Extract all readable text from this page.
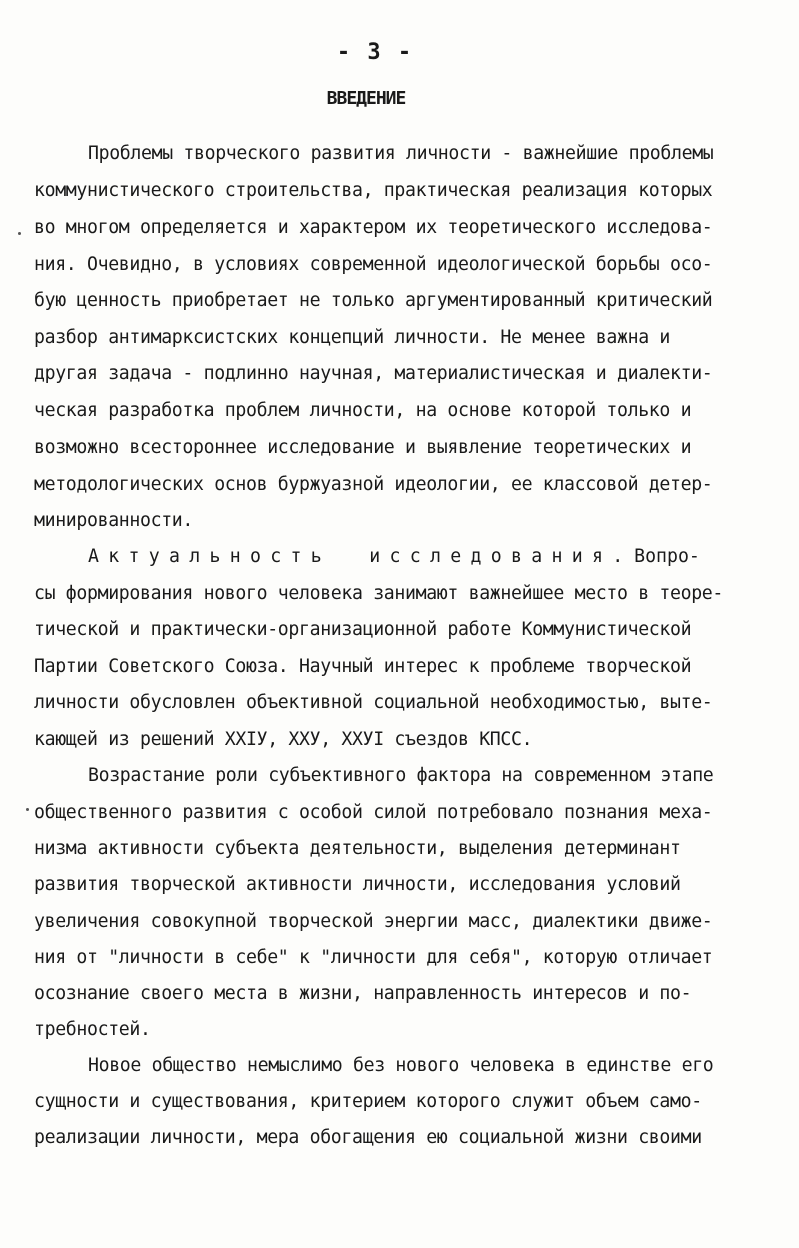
- 3 -
ВВЕДЕНИЕ
Проблемы творческого развития личности - важнейшие проблемы
коммунистического строительства, практическая реализация которых
во многом определяется и характером их теоретического исследова-
ния. Очевидно, в условиях современной идеологической борьбы осо-
бую ценность приобретает не только аргументированный критический
разбор антимарксистских концепций личности. Не менее важна и
другая задача - подлинно научная, материалистическая и диалекти-
ческая разработка проблем личности, на основе которой только и
возможно всестороннее исследование и выявление теоретических и
методологических основ буржуазной идеологии, ее классовой детер-
минированности.
Актуальность исследования. Вопро-
сы формирования нового человека занимают важнейшее место в теоре-
тической и практически-организационной работе Коммунистической
Партии Советского Союза. Научный интерес к проблеме творческой
личности обусловлен объективной социальной необходимостью, выте-
кающей из решений XXIУ, XXУ, XXУI съездов КПСС.
Возрастание роли субъективного фактора на современном этапе
общественного развития с особой силой потребовало познания меха-
низма активности субъекта деятельности, выделения детерминант
развития творческой активности личности, исследования условий
увеличения совокупной творческой энергии масс, диалектики движе-
ния от "личности в себе" к "личности для себя", которую отличает
осознание своего места в жизни, направленность интересов и по-
требностей.
Новое общество немыслимо без нового человека в единстве его
сущности и существования, критерием которого служит объем само-
реализации личности, мера обогащения ею социальной жизни своими
